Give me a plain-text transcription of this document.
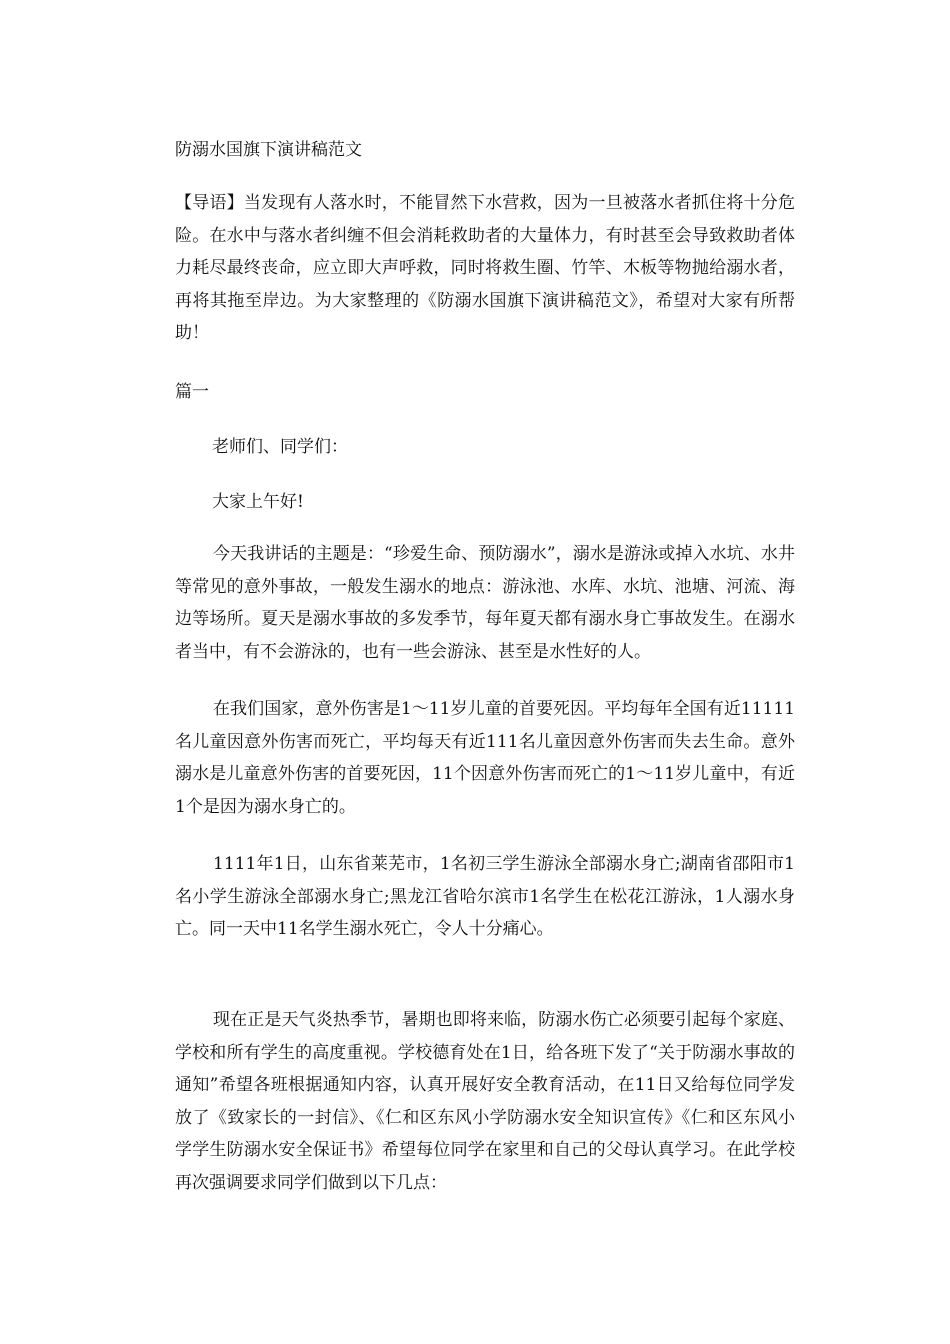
防溺水国旗下演讲稿范文

【导语】当发现有人落水时，不能冒然下水营救，因为一旦被落水者抓住将十分危险。在水中与落水者纠缠不但会消耗救助者的大量体力，有时甚至会导致救助者体力耗尽最终丧命，应立即大声呼救，同时将救生圈、竹竿、木板等物抛给溺水者，再将其拖至岸边。为大家整理的《防溺水国旗下演讲稿范文》，希望对大家有所帮助！

篇一
老师们、同学们：
大家上午好!

今天我讲话的主题是：“珍爱生命、预防溺水”，溺水是游泳或掉入水坑、水井等常见的意外事故，一般发生溺水的地点：游泳池、水库、水坑、池塘、河流、海边等场所。夏天是溺水事故的多发季节，每年夏天都有溺水身亡事故发生。在溺水者当中，有不会游泳的，也有一些会游泳、甚至是水性好的人。

在我们国家，意外伤害是1～11岁儿童的首要死因。平均每年全国有近11111名儿童因意外伤害而死亡，平均每天有近111名儿童因意外伤害而失去生命。意外溺水是儿童意外伤害的首要死因，11个因意外伤害而死亡的1～11岁儿童中，有近1个是因为溺水身亡的。

1111年1日，山东省莱芜市，1名初三学生游泳全部溺水身亡;湖南省邵阳市1名小学生游泳全部溺水身亡;黑龙江省哈尔滨市1名学生在松花江游泳，1人溺水身亡。同一天中11名学生溺水死亡，令人十分痛心。

现在正是天气炎热季节，暑期也即将来临，防溺水伤亡必须要引起每个家庭、学校和所有学生的高度重视。学校德育处在1日，给各班下发了“关于防溺水事故的通知”希望各班根据通知内容，认真开展好安全教育活动，在11日又给每位同学发放了《致家长的一封信》、《仁和区东风小学防溺水安全知识宣传》《仁和区东风小学学生防溺水安全保证书》希望每位同学在家里和自己的父母认真学习。在此学校再次强调要求同学们做到以下几点：
